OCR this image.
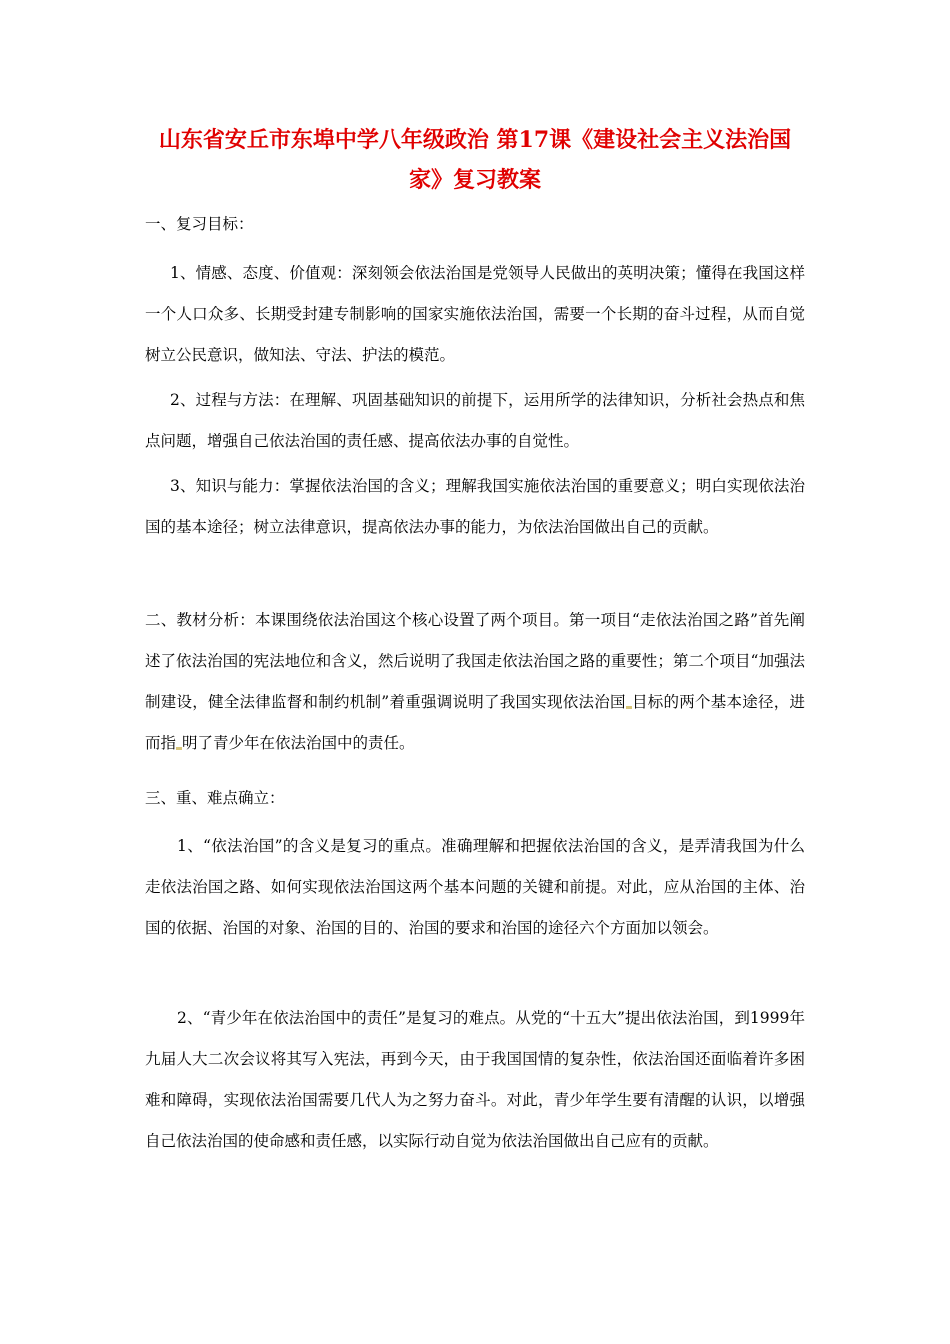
山东省安丘市东埠中学八年级政治 第17课《建设社会主义法治国家》复习教案

一、复习目标：

1、情感、态度、价值观：深刻领会依法治国是党领导人民做出的英明决策；懂得在我国这样一个人口众多、长期受封建专制影响的国家实施依法治国，需要一个长期的奋斗过程，从而自觉树立公民意识，做知法、守法、护法的模范。

2、过程与方法：在理解、巩固基础知识的前提下，运用所学的法律知识，分析社会热点和焦点问题，增强自己依法治国的责任感、提高依法办事的自觉性。

3、知识与能力：掌握依法治国的含义；理解我国实施依法治国的重要意义；明白实现依法治国的基本途径；树立法律意识，提高依法办事的能力，为依法治国做出自己的贡献。

二、教材分析：本课围绕依法治国这个核心设置了两个项目。第一项目“走依法治国之路”首先阐述了依法治国的宪法地位和含义，然后说明了我国走依法治国之路的重要性；第二个项目“加强法制建设，健全法律监督和制约机制”着重强调说明了我国实现依法治国 目标的两个基本途径，进而指 明了青少年在依法治国中的责任。

三、重、难点确立：

1、“依法治国”的含义是复习的重点。准确理解和把握依法治国的含义，是弄清我国为什么走依法治国之路、如何实现依法治国这两个基本问题的关键和前提。对此，应从治国的主体、治国的依据、治国的对象、治国的目的、治国的要求和治国的途径六个方面加以领会。

2、“青少年在依法治国中的责任”是复习的难点。从党的“十五大”提出依法治国，到1999年九届人大二次会议将其写入宪法，再到今天，由于我国国情的复杂性，依法治国还面临着许多困难和障碍，实现依法治国需要几代人为之努力奋斗。对此，青少年学生要有清醒的认识，以增强自己依法治国的使命感和责任感，以实际行动自觉为依法治国做出自己应有的贡献。
